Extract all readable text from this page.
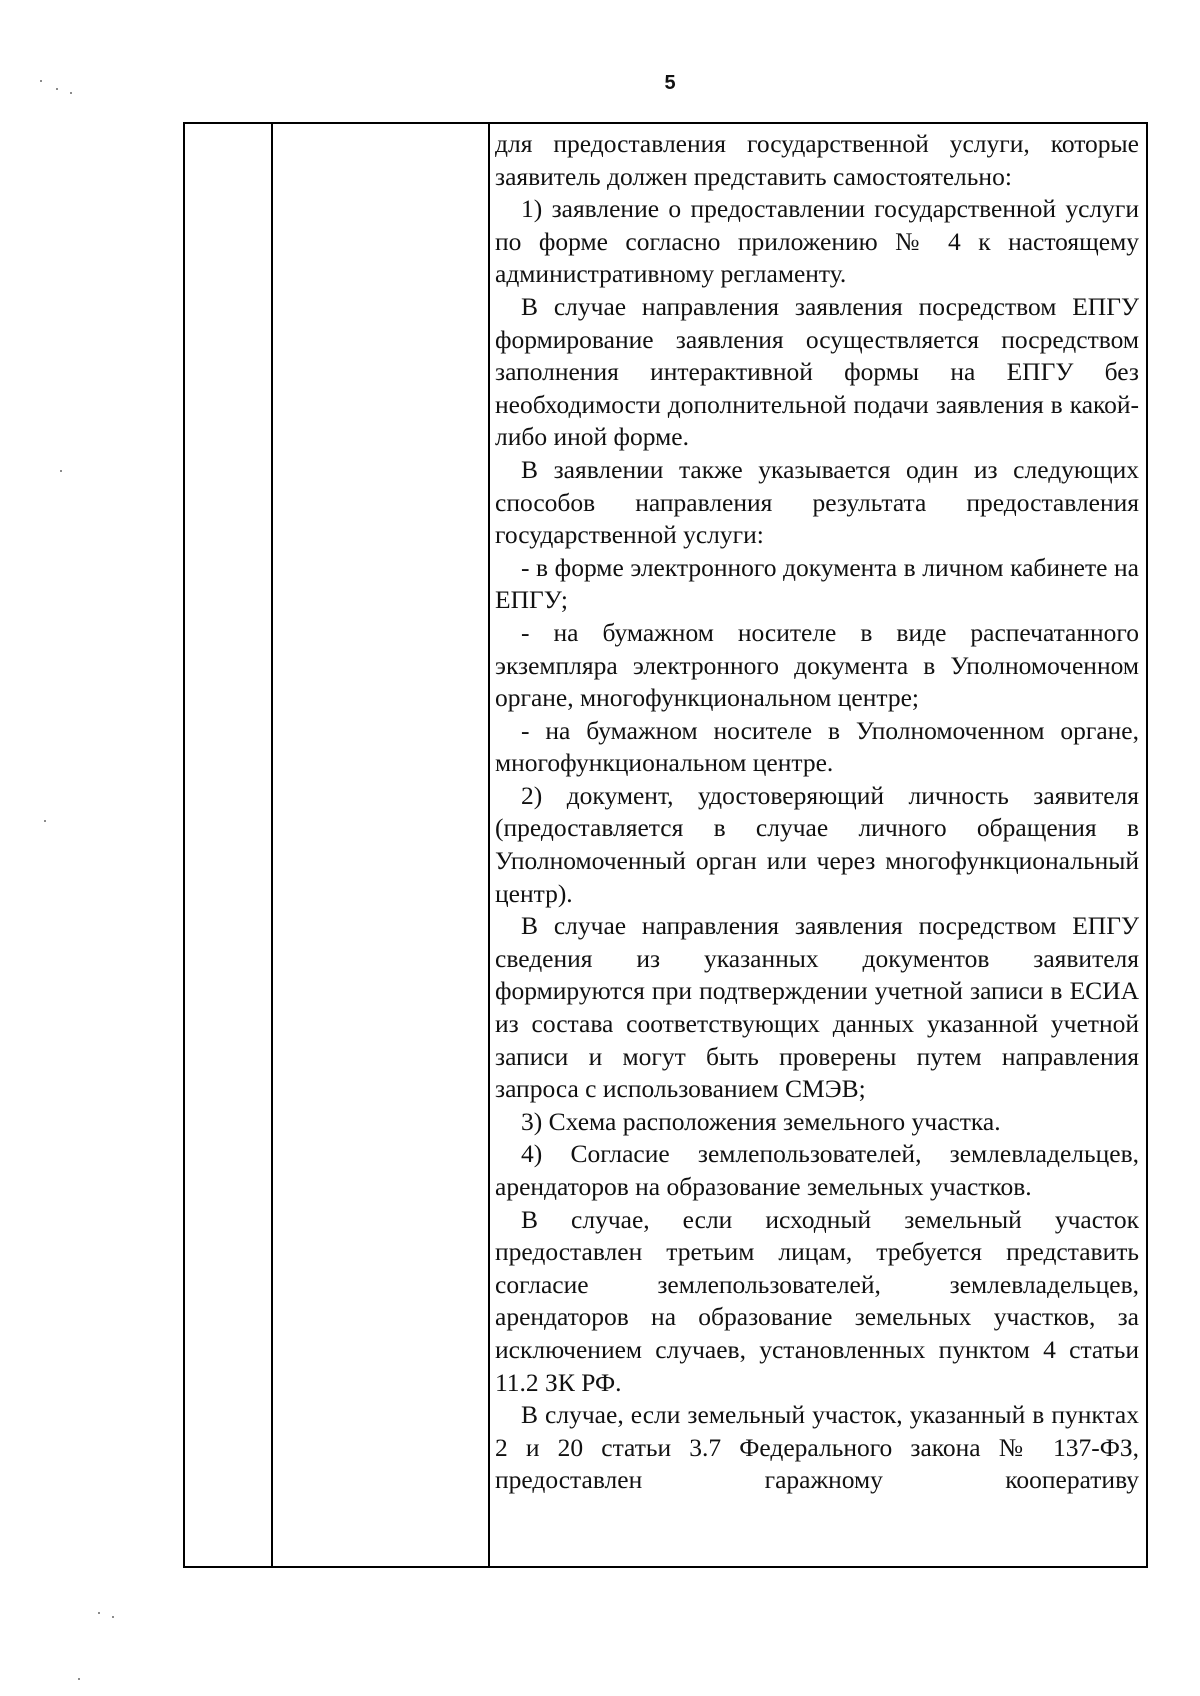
5

для предоставления государственной услуги, которые заявитель должен представить самостоятельно:

1) заявление о предоставлении государственной услуги по форме согласно приложению № 4 к настоящему административному регламенту.

В случае направления заявления посредством ЕПГУ формирование заявления осуществляется посредством заполнения интерактивной формы на ЕПГУ без необходимости дополнительной подачи заявления в какой-либо иной форме.

В заявлении также указывается один из следующих способов направления результата предоставления государственной услуги:

- в форме электронного документа в личном кабинете на ЕПГУ;

- на бумажном носителе в виде распечатанного экземпляра электронного документа в Уполномоченном органе, многофункциональном центре;

- на бумажном носителе в Уполномоченном органе, многофункциональном центре.

2) документ, удостоверяющий личность заявителя (предоставляется в случае личного обращения в Уполномоченный орган или через многофункциональный центр).

В случае направления заявления посредством ЕПГУ сведения из указанных документов заявителя формируются при подтверждении учетной записи в ЕСИА из состава соответствующих данных указанной учетной записи и могут быть проверены путем направления запроса с использованием СМЭВ;

3) Схема расположения земельного участка.

4) Согласие землепользователей, землевладельцев, арендаторов на образование земельных участков.

В случае, если исходный земельный участок предоставлен третьим лицам, требуется представить согласие землепользователей, землевладельцев, арендаторов на образование земельных участков, за исключением случаев, установленных пунктом 4 статьи 11.2 ЗК РФ.

В случае, если земельный участок, указанный в пунктах 2 и 20 статьи 3.7 Федерального закона № 137-ФЗ, предоставлен гаражному кооперативу
